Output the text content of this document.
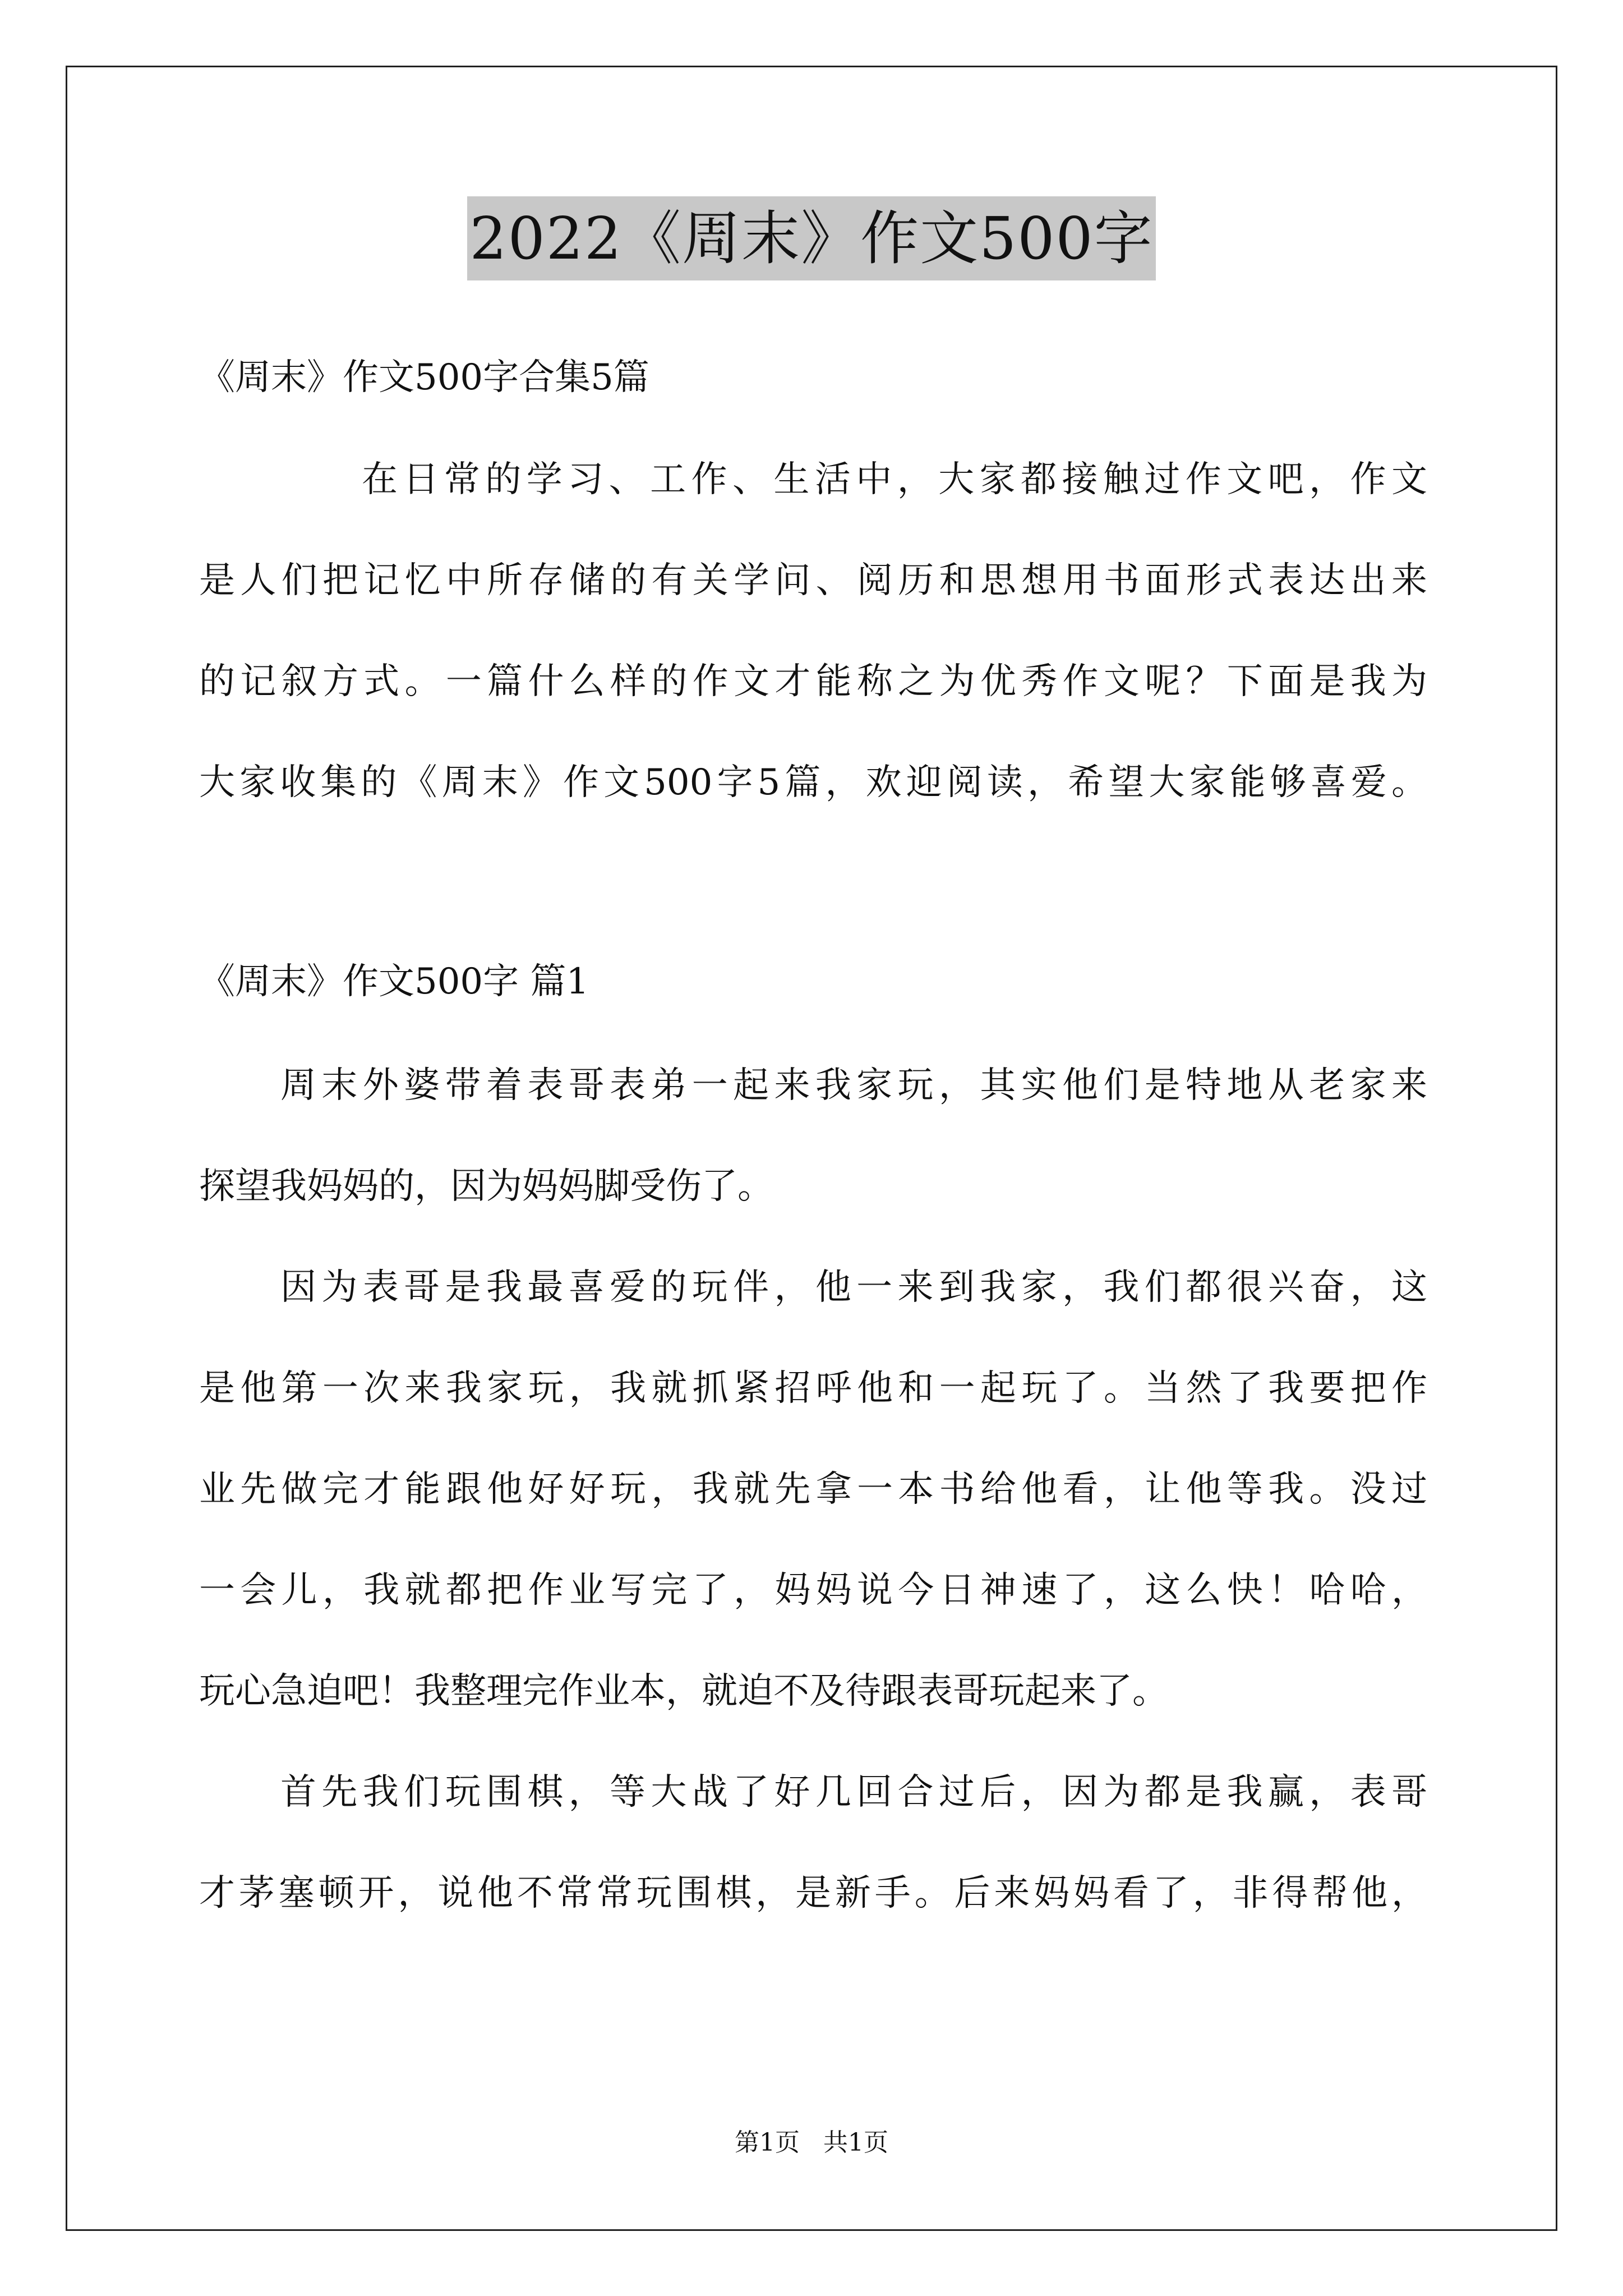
2022《周末》作文500字
《周末》作文500字合集5篇
在日常的学习、工作、生活中，大家都接触过作文吧，作文
是人们把记忆中所存储的有关学问、阅历和思想用书面形式表达出来
的记叙方式。一篇什么样的作文才能称之为优秀作文呢？下面是我为
大家收集的《周末》作文500字5篇，欢迎阅读，希望大家能够喜爱。
《周末》作文500字 篇1
周末外婆带着表哥表弟一起来我家玩，其实他们是特地从老家来
探望我妈妈的，因为妈妈脚受伤了。
因为表哥是我最喜爱的玩伴，他一来到我家，我们都很兴奋，这
是他第一次来我家玩，我就抓紧招呼他和一起玩了。当然了我要把作
业先做完才能跟他好好玩，我就先拿一本书给他看，让他等我。没过
一会儿，我就都把作业写完了，妈妈说今日神速了，这么快！哈哈，
玩心急迫吧！我整理完作业本，就迫不及待跟表哥玩起来了。
首先我们玩围棋，等大战了好几回合过后，因为都是我赢，表哥
才茅塞顿开，说他不常常玩围棋，是新手。后来妈妈看了，非得帮他，
第1页 共1页
